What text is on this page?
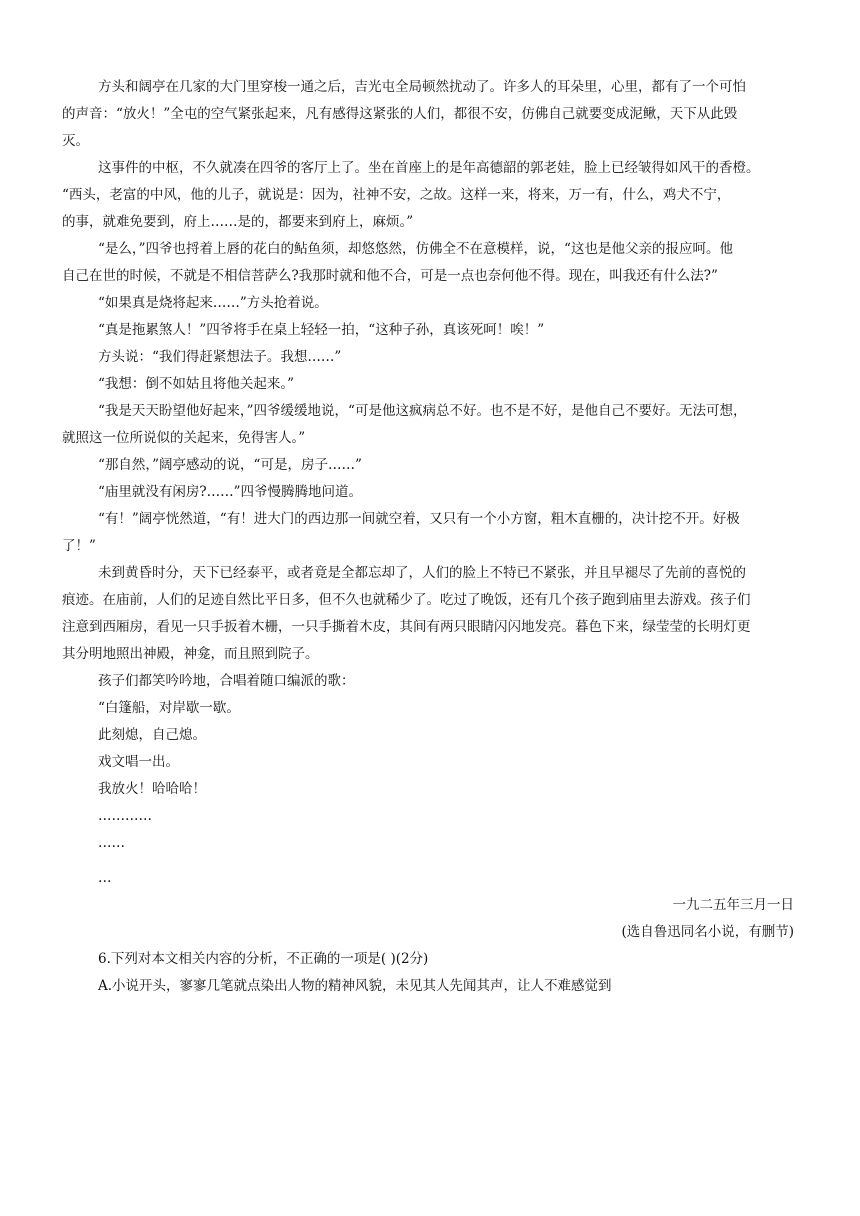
方头和阔亭在几家的大门里穿梭一通之后，吉光屯全局顿然扰动了。许多人的耳朵里，心里，都有了一个可怕

的声音：“放火！”全屯的空气紧张起来，凡有感得这紧张的人们，都很不安，仿佛自己就要变成泥鳅，天下从此毁

灭。

这事件的中枢，不久就凑在四爷的客厅上了。坐在首座上的是年高德韶的郭老娃，脸上已经皱得如风干的香橙。

“西头，老富的中风，他的儿子，就说是：因为，社神不安，之故。这样一来，将来，万一有，什么，鸡犬不宁，

的事，就难免要到，府上……是的，都要来到府上，麻烦。”

“是么，”四爷也捋着上唇的花白的鲇鱼须，却悠悠然，仿佛全不在意模样，说，“这也是他父亲的报应呵。他

自己在世的时候，不就是不相信菩萨么?我那时就和他不合，可是一点也奈何他不得。现在，叫我还有什么法?”

“如果真是烧将起来……”方头抢着说。

“真是拖累煞人！”四爷将手在桌上轻轻一拍，“这种子孙，真该死呵！唉！”

方头说：“我们得赶紧想法子。我想……”

“我想：倒不如姑且将他关起来。”

“我是天天盼望他好起来，”四爷缓缓地说，“可是他这疯病总不好。也不是不好，是他自己不要好。无法可想，

就照这一位所说似的关起来，免得害人。”

“那自然，”阔亭感动的说，“可是，房子……”

“庙里就没有闲房?……”四爷慢腾腾地问道。

“有！”阔亭恍然道，“有！进大门的西边那一间就空着，又只有一个小方窗，粗木直栅的，决计挖不开。好极

了！”

未到黄昏时分，天下已经泰平，或者竟是全都忘却了，人们的脸上不特已不紧张，并且早褪尽了先前的喜悦的

痕迹。在庙前，人们的足迹自然比平日多，但不久也就稀少了。吃过了晚饭，还有几个孩子跑到庙里去游戏。孩子们

注意到西厢房，看见一只手扳着木栅，一只手撕着木皮，其间有两只眼睛闪闪地发亮。暮色下来，绿莹莹的长明灯更

其分明地照出神殿，神龛，而且照到院子。

孩子们都笑吟吟地，合唱着随口编派的歌：

“白篷船，对岸歇一歇。

此刻熄，自己熄。

戏文唱一出。

我放火！哈哈哈！

…………

……

…

一九二五年三月一日

(选自鲁迅同名小说，有删节)

6.下列对本文相关内容的分析，不正确的一项是( )(2分)

A.小说开头，寥寥几笔就点染出人物的精神风貌，未见其人先闻其声，让人不难感觉到
